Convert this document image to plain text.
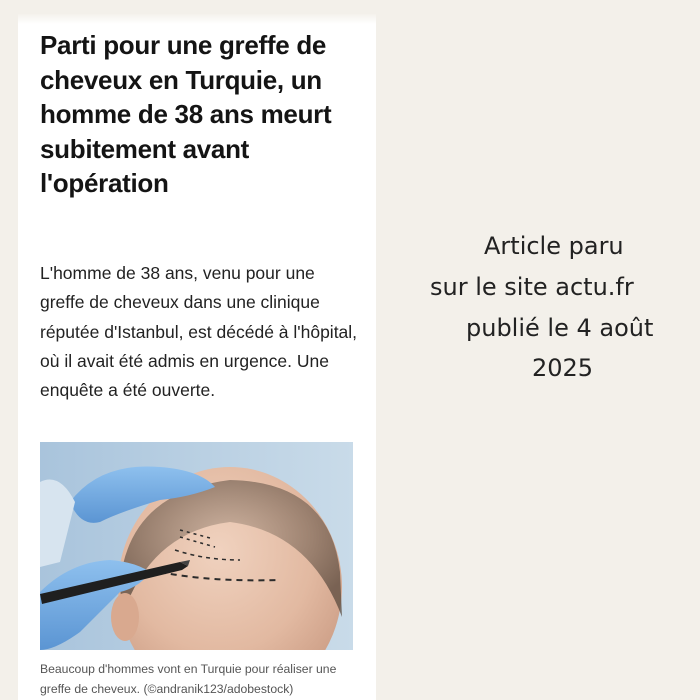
Parti pour une greffe de cheveux en Turquie, un homme de 38 ans meurt subitement avant l'opération

L'homme de 38 ans, venu pour une greffe de cheveux dans une clinique réputée d'Istanbul, est décédé à l'hôpital, où il avait été admis en urgence. Une enquête a été ouverte.

Beaucoup d'hommes vont en Turquie pour réaliser une greffe de cheveux. (©andranik123/adobestock)

Article paru
sur le site actu.fr
publié le 4 août
2025
